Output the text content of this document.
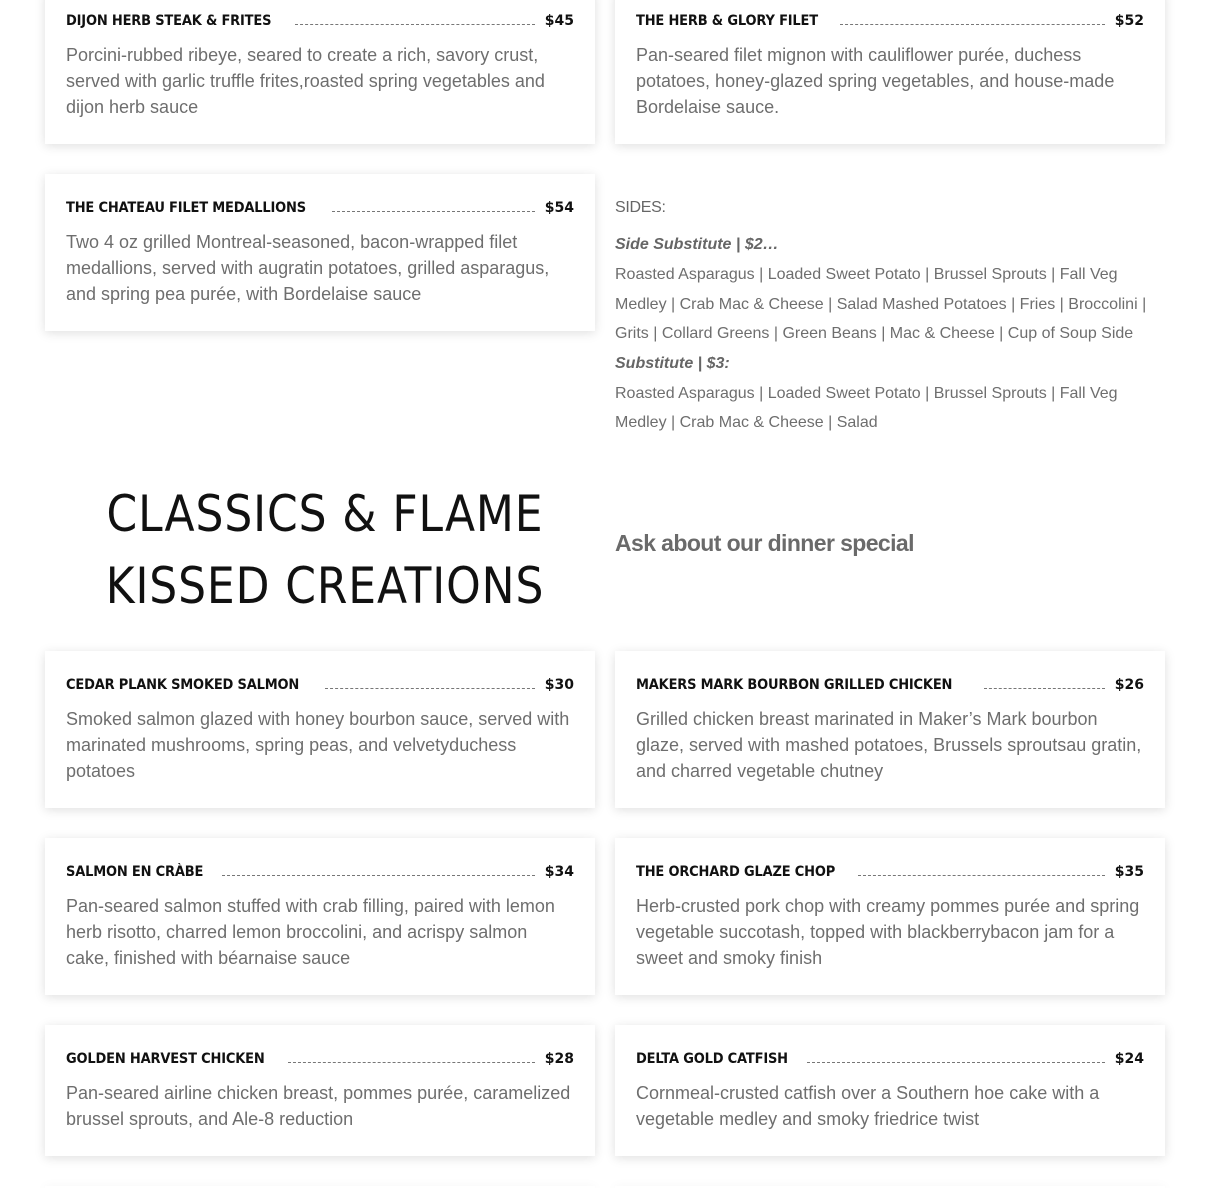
DIJON HERB STEAK & FRITES	$45
Porcini-rubbed ribeye, seared to create a rich, savory crust, served with garlic truffle frites,roasted spring vegetables and dijon herb sauce
THE HERB & GLORY FILET	$52
Pan-seared filet mignon with cauliflower purée, duchess potatoes, honey-glazed spring vegetables, and house-made Bordelaise sauce.
THE CHATEAU FILET MEDALLIONS	$54
Two 4 oz grilled Montreal-seasoned, bacon-wrapped filet medallions, served with augratin potatoes, grilled asparagus, and spring pea purée, with Bordelaise sauce
SIDES:
Side Substitute | $2…
Roasted Asparagus | Loaded Sweet Potato | Brussel Sprouts | Fall Veg Medley | Crab Mac & Cheese | Salad Mashed Potatoes | Fries | Broccolini | Grits | Collard Greens | Green Beans | Mac & Cheese | Cup of Soup Side
Substitute | $3:
Roasted Asparagus | Loaded Sweet Potato | Brussel Sprouts | Fall Veg Medley | Crab Mac & Cheese | Salad
CLASSICS & FLAME
KISSED CREATIONS
Ask about our dinner special
CEDAR PLANK SMOKED SALMON	$30
Smoked salmon glazed with honey bourbon sauce, served with marinated mushrooms, spring peas, and velvetyduchess potatoes
MAKERS MARK BOURBON GRILLED CHICKEN	$26
Grilled chicken breast marinated in Maker’s Mark bourbon glaze, served with mashed potatoes, Brussels sproutsau gratin, and charred vegetable chutney
SALMON EN CRÀBE	$34
Pan-seared salmon stuffed with crab filling, paired with lemon herb risotto, charred lemon broccolini, and acrispy salmon cake, finished with béarnaise sauce
THE ORCHARD GLAZE CHOP	$35
Herb-crusted pork chop with creamy pommes purée and spring vegetable succotash, topped with blackberrybacon jam for a sweet and smoky finish
GOLDEN HARVEST CHICKEN	$28
Pan-seared airline chicken breast, pommes purée, caramelized brussel sprouts, and Ale-8 reduction
DELTA GOLD CATFISH	$24
Cornmeal-crusted catfish over a Southern hoe cake with a vegetable medley and smoky friedrice twist
